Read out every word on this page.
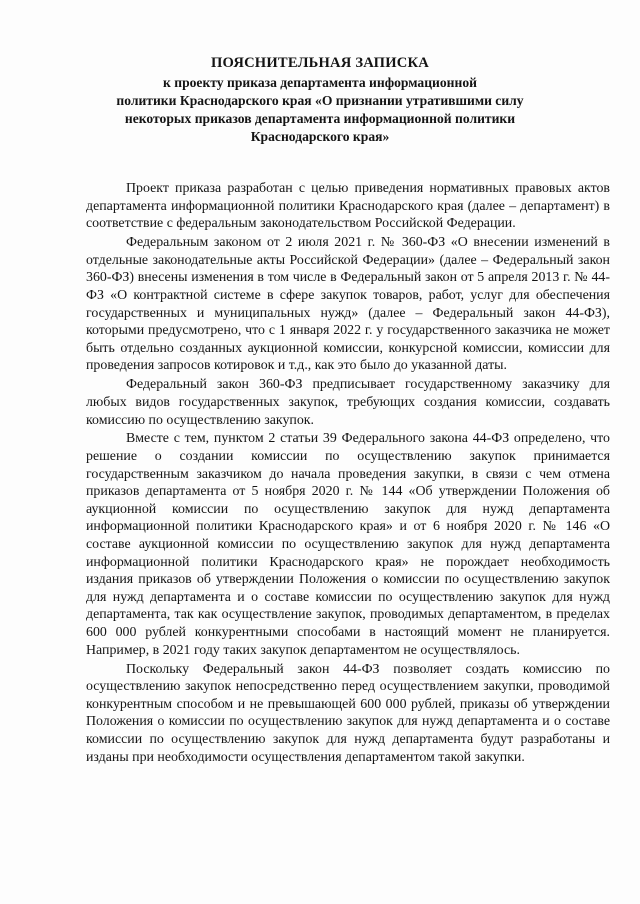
ПОЯСНИТЕЛЬНАЯ ЗАПИСКА
к проекту приказа департамента информационной
политики Краснодарского края «О признании утратившими силу
некоторых приказов департамента информационной политики
Краснодарского края»

Проект приказа разработан с целью приведения нормативных правовых актов департамента информационной политики Краснодарского края (далее – департамент) в соответствие с федеральным законодательством Российской Федерации.

Федеральным законом от 2 июля 2021 г. № 360-ФЗ «О внесении изменений в отдельные законодательные акты Российской Федерации» (далее – Федеральный закон 360-ФЗ) внесены изменения в том числе в Федеральный закон от 5 апреля 2013 г. № 44-ФЗ «О контрактной системе в сфере закупок товаров, работ, услуг для обеспечения государственных и муниципальных нужд» (далее – Федеральный закон 44-ФЗ), которыми предусмотрено, что с 1 января 2022 г. у государственного заказчика не может быть отдельно созданных аукционной комиссии, конкурсной комиссии, комиссии для проведения запросов котировок и т.д., как это было до указанной даты.

Федеральный закон 360-ФЗ предписывает государственному заказчику для любых видов государственных закупок, требующих создания комиссии, создавать комиссию по осуществлению закупок.

Вместе с тем, пунктом 2 статьи 39 Федерального закона 44-ФЗ определено, что решение о создании комиссии по осуществлению закупок принимается государственным заказчиком до начала проведения закупки, в связи с чем отмена приказов департамента от 5 ноября 2020 г. № 144 «Об утверждении Положения об аукционной комиссии по осуществлению закупок для нужд департамента информационной политики Краснодарского края» и от 6 ноября 2020 г. № 146 «О составе аукционной комиссии по осуществлению закупок для нужд департамента информационной политики Краснодарского края» не порождает необходимость издания приказов об утверждении Положения о комиссии по осуществлению закупок для нужд департамента и о составе комиссии по осуществлению закупок для нужд департамента, так как осуществление закупок, проводимых департаментом, в пределах 600 000 рублей конкурентными способами в настоящий момент не планируется. Например, в 2021 году таких закупок департаментом не осуществлялось.

Поскольку Федеральный закон 44-ФЗ позволяет создать комиссию по осуществлению закупок непосредственно перед осуществлением закупки, проводимой конкурентным способом и не превышающей 600 000 рублей, приказы об утверждении Положения о комиссии по осуществлению закупок для нужд департамента и о составе комиссии по осуществлению закупок для нужд департамента будут разработаны и изданы при необходимости осуществления департаментом такой закупки.
